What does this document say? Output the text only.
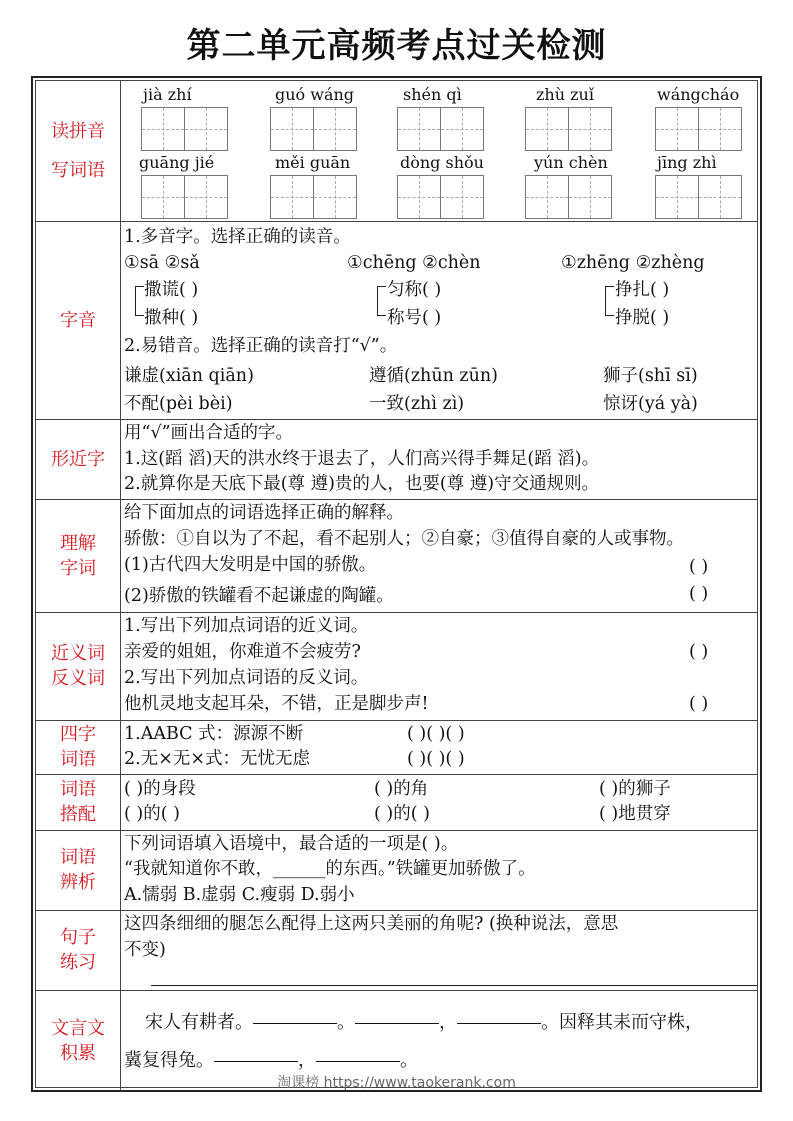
第二单元高频考点过关检测
读拼音
写词语
jià zhí	guó wáng	shén qì	zhù zuǐ	wángcháo
guāng jié	měi guān	dòng shǒu	yún chèn	jīng zhì
字音
1.多音字。选择正确的读音。
①sā ②sǎ	①chēng ②chèn	①zhēng ②zhèng
撒谎( )	匀称( )	挣扎( )
撒种( )	称号( )	挣脱( )
2.易错音。选择正确的读音打“√”。
谦虚(xiān qiān)	遵循(zhūn zūn)	狮子(shī sī)
不配(pèi bèi)	一致(zhì zì)	惊讶(yá yà)
形近字
用“√”画出合适的字。
1.这(蹈 滔)天的洪水终于退去了，人们高兴得手舞足(蹈 滔)。
2.就算你是天底下最(尊 遵)贵的人，也要(尊 遵)守交通规则。
理解
字词
给下面加点的词语选择正确的解释。
骄傲：①自以为了不起，看不起别人；②自豪；③值得自豪的人或事物。
(1)古代四大发明是中国的骄傲。	( )
(2)骄傲的铁罐看不起谦虚的陶罐。	( )
近义词
反义词
1.写出下列加点词语的近义词。
亲爱的姐姐，你难道不会疲劳?	( )
2.写出下列加点词语的反义词。
他机灵地支起耳朵，不错，正是脚步声!	( )
四字
词语
1.AABC 式：源源不断	( )( )( )
2.无×无×式：无忧无虑	( )( )( )
词语
搭配
( )的身段	( )的角	( )的狮子
( )的( )	( )的( )	( )地贯穿
词语
辨析
下列词语填入语境中，最合适的一项是( )。
“我就知道你不敢，______的东西。”铁罐更加骄傲了。
A.懦弱 B.虚弱 C.瘦弱 D.弱小
句子
练习
这四条细细的腿怎么配得上这两只美丽的角呢? (换种说法，意思
不变)
文言文
积累
宋人有耕者。	。	，	。因释其耒而守株，
冀复得兔。	，	。
淘课榜 https://www.taokerank.com
